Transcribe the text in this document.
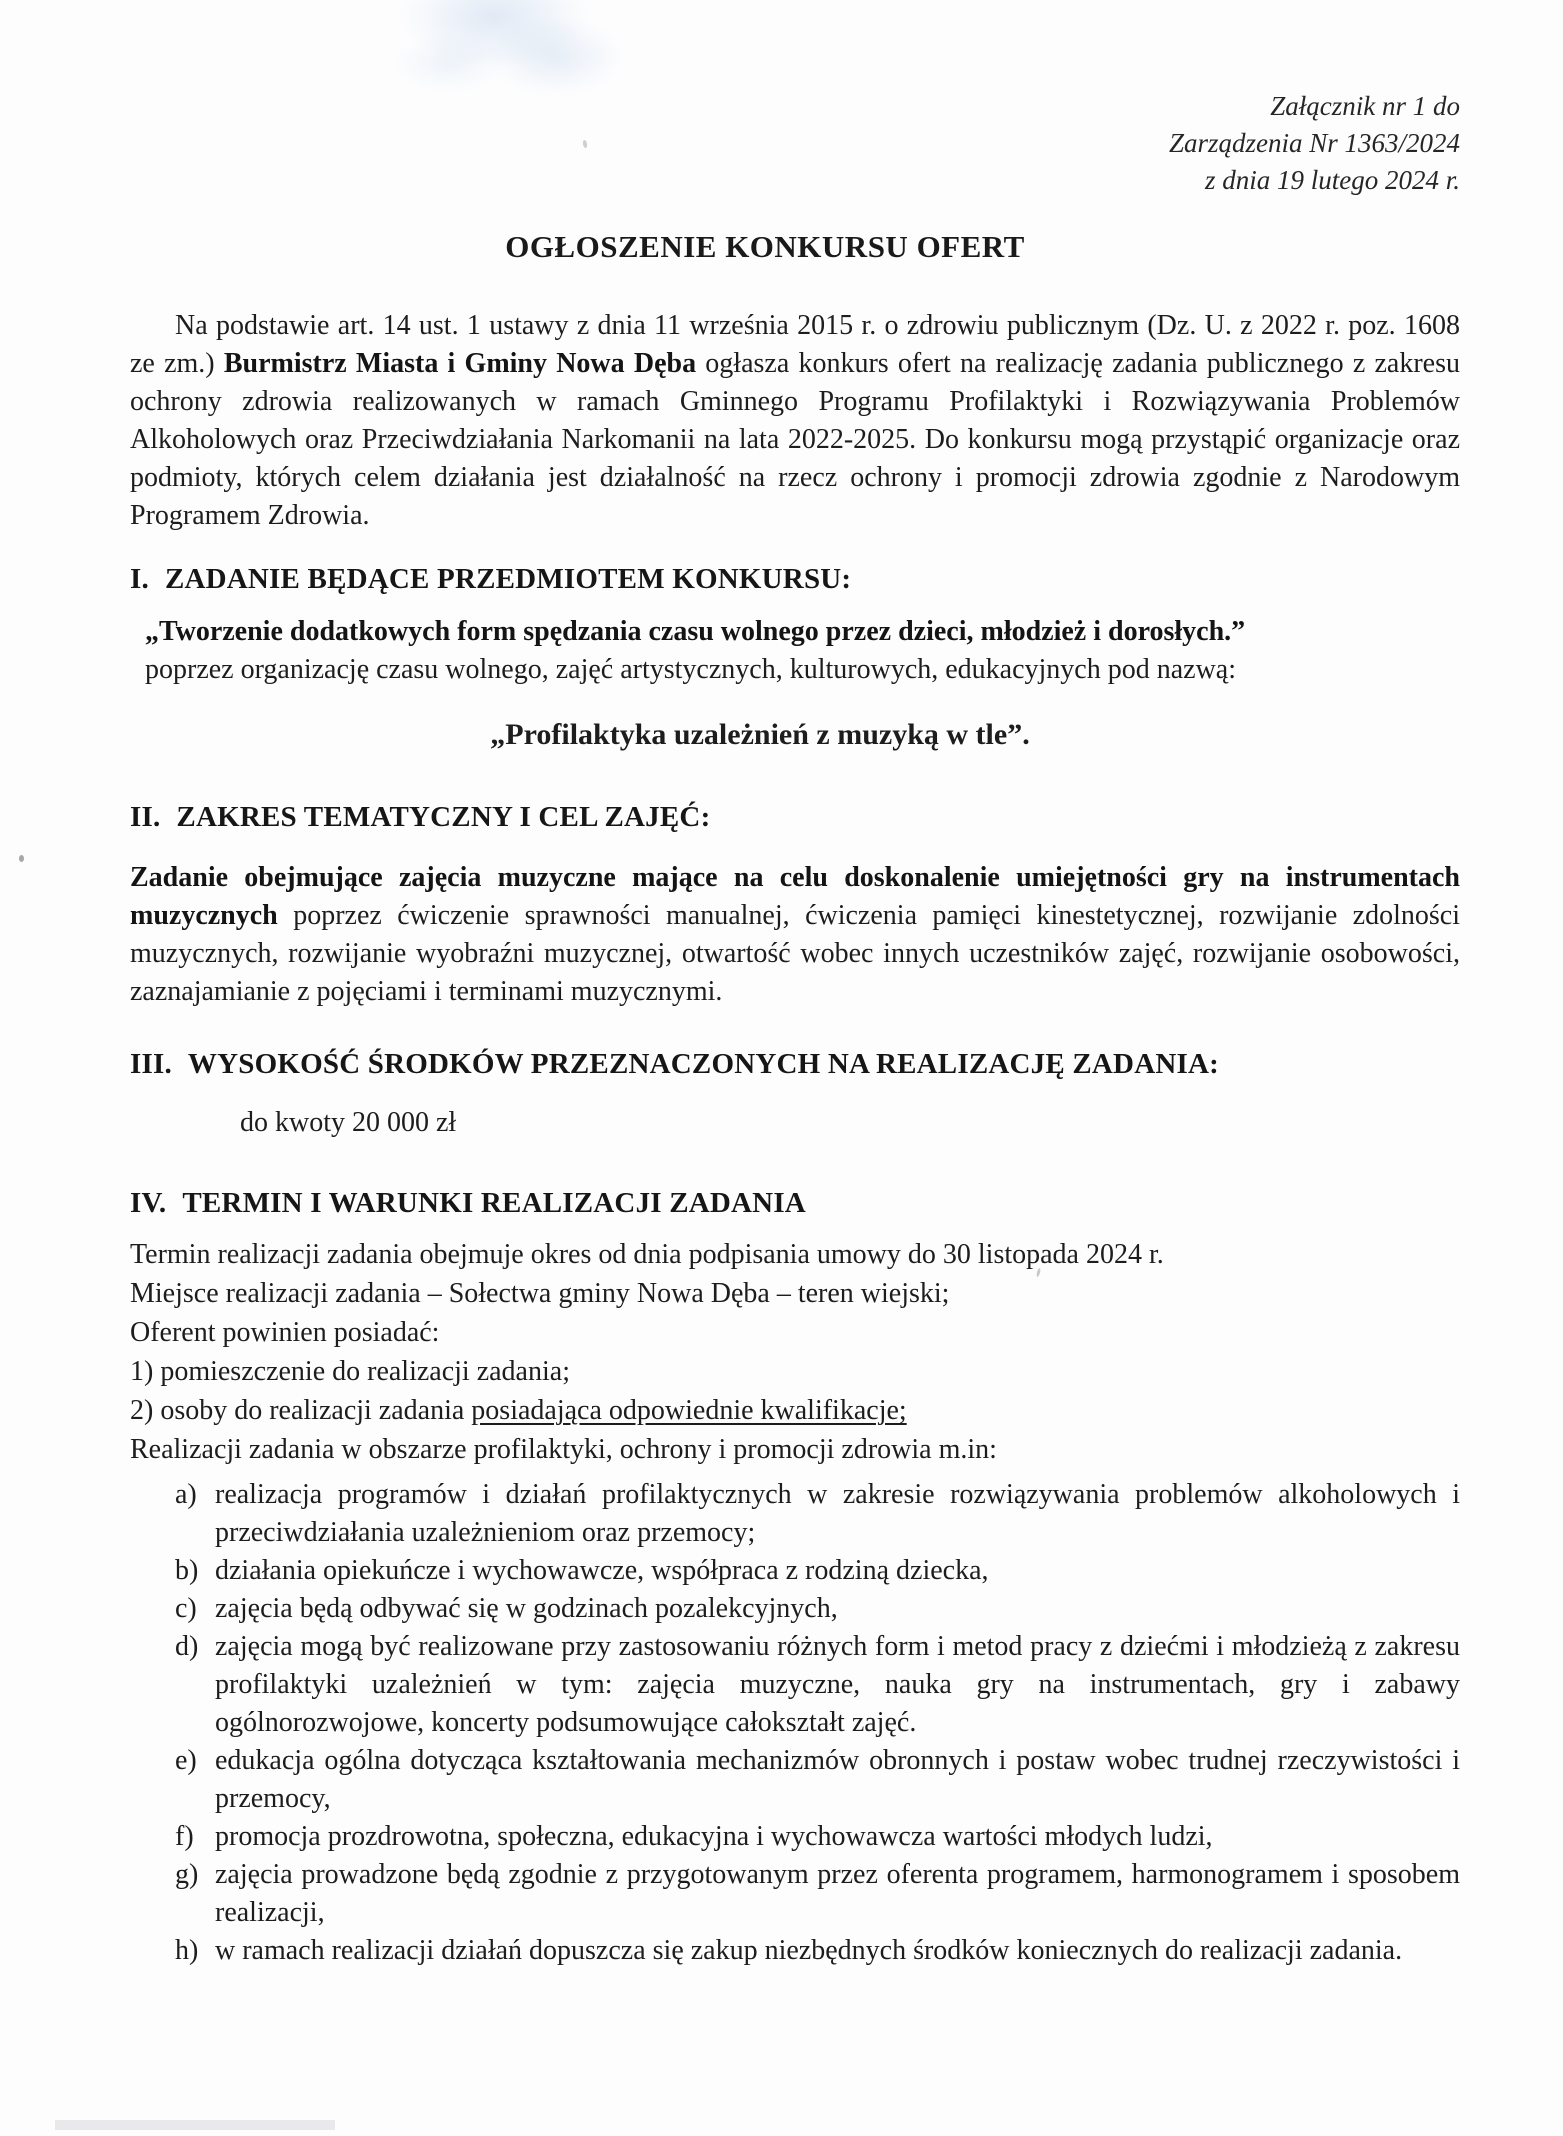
Załącznik nr 1 do
Zarządzenia Nr 1363/2024
z dnia 19 lutego 2024 r.
OGŁOSZENIE KONKURSU OFERT

Na podstawie art. 14 ust. 1 ustawy z dnia 11 września 2015 r. o zdrowiu publicznym (Dz. U. z 2022 r. poz. 1608 ze zm.) Burmistrz Miasta i Gminy Nowa Dęba ogłasza konkurs ofert na realizację zadania publicznego z zakresu ochrony zdrowia realizowanych w ramach Gminnego Programu Profilaktyki i Rozwiązywania Problemów Alkoholowych oraz Przeciwdziałania Narkomanii na lata 2022-2025. Do konkursu mogą przystąpić organizacje oraz podmioty, których celem działania jest działalność na rzecz ochrony i promocji zdrowia zgodnie z Narodowym Programem Zdrowia.

I. ZADANIE BĘDĄCE PRZEDMIOTEM KONKURSU:

„Tworzenie dodatkowych form spędzania czasu wolnego przez dzieci, młodzież i dorosłych.”
poprzez organizację czasu wolnego, zajęć artystycznych, kulturowych, edukacyjnych pod nazwą:

„Profilaktyka uzależnień z muzyką w tle”.

II. ZAKRES TEMATYCZNY I CEL ZAJĘĆ:

Zadanie obejmujące zajęcia muzyczne mające na celu doskonalenie umiejętności gry na instrumentach muzycznych poprzez ćwiczenie sprawności manualnej, ćwiczenia pamięci kinestetycznej, rozwijanie zdolności muzycznych, rozwijanie wyobraźni muzycznej, otwartość wobec innych uczestników zajęć, rozwijanie osobowości, zaznajamianie z pojęciami i terminami muzycznymi.

III. WYSOKOŚĆ ŚRODKÓW PRZEZNACZONYCH NA REALIZACJĘ ZADANIA:

do kwoty 20 000 zł

IV. TERMIN I WARUNKI REALIZACJI ZADANIA
Termin realizacji zadania obejmuje okres od dnia podpisania umowy do 30 listopada 2024 r.
Miejsce realizacji zadania – Sołectwa gminy Nowa Dęba – teren wiejski;
Oferent powinien posiadać:
1) pomieszczenie do realizacji zadania;
2) osoby do realizacji zadania posiadająca odpowiednie kwalifikacje;
Realizacji zadania w obszarze profilaktyki, ochrony i promocji zdrowia m.in:
a) realizacja programów i działań profilaktycznych w zakresie rozwiązywania problemów alkoholowych i przeciwdziałania uzależnieniom oraz przemocy;
b) działania opiekuńcze i wychowawcze, współpraca z rodziną dziecka,
c) zajęcia będą odbywać się w godzinach pozalekcyjnych,
d) zajęcia mogą być realizowane przy zastosowaniu różnych form i metod pracy z dziećmi i młodzieżą z zakresu profilaktyki uzależnień w tym: zajęcia muzyczne, nauka gry na instrumentach, gry i zabawy ogólnorozwojowe, koncerty podsumowujące całokształt zajęć.
e) edukacja ogólna dotycząca kształtowania mechanizmów obronnych i postaw wobec trudnej rzeczywistości i przemocy,
f) promocja prozdrowotna, społeczna, edukacyjna i wychowawcza wartości młodych ludzi,
g) zajęcia prowadzone będą zgodnie z przygotowanym przez oferenta programem, harmonogramem i sposobem realizacji,
h) w ramach realizacji działań dopuszcza się zakup niezbędnych środków koniecznych do realizacji zadania.
